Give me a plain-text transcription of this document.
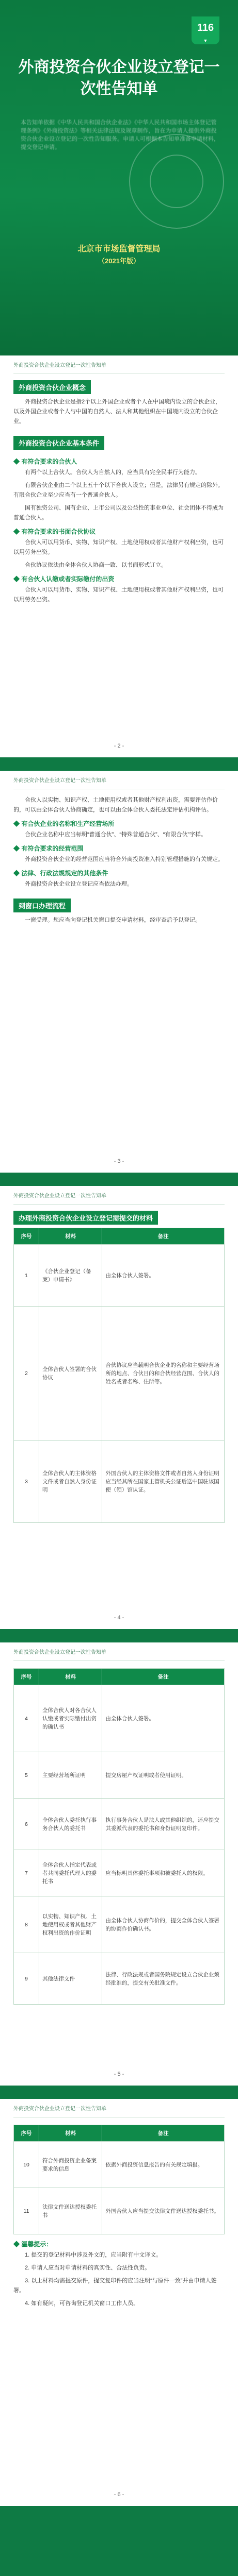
116
▼
外商投资合伙企业设立登记一次性告知单
本告知单依据《中华人民共和国合伙企业法》《中华人民共和国市场主体登记管理条例》《外商投资法》等相关法律法规及规章制作，旨在为申请人提供外商投资合伙企业设立登记的一次性告知服务。申请人可根据本告知单准备申请材料，提交登记申请。
北京市市场监督管理局
（2021年版）
外商投资合伙企业设立登记一次性告知单
外商投资合伙企业概念

外商投资合伙企业是指2个以上外国企业或者个人在中国境内设立的合伙企业，以及外国企业或者个人与中国的自然人、法人和其他组织在中国境内设立的合伙企业。

外商投资合伙企业基本条件
◆ 有符合要求的合伙人

有两个以上合伙人。合伙人为自然人的，应当具有完全民事行为能力。

有限合伙企业由二个以上五十个以下合伙人设立；但是，法律另有规定的除外。有限合伙企业至少应当有一个普通合伙人。

国有独资公司、国有企业、上市公司以及公益性的事业单位、社会团体不得成为普通合伙人。

◆ 有符合要求的书面合伙协议

合伙人可以用货币、实物、知识产权、土地使用权或者其他财产权利出资，也可以用劳务出资。

合伙协议依法由全体合伙人协商一致、以书面形式订立。

◆ 有合伙人认缴或者实际缴付的出资

合伙人可以用货币、实物、知识产权、土地使用权或者其他财产权利出资，也可以用劳务出资。

- 2 -
外商投资合伙企业设立登记一次性告知单

合伙人以实物、知识产权、土地使用权或者其他财产权利出资，需要评估作价的，可以由全体合伙人协商确定，也可以由全体合伙人委托法定评估机构评估。

◆ 有合伙企业的名称和生产经营场所

合伙企业名称中应当标明“普通合伙”、“特殊普通合伙”、“有限合伙”字样。

◆ 有符合要求的经营范围

外商投资合伙企业的经营范围应当符合外商投资准入特别管理措施的有关规定。

◆ 法律、行政法规规定的其他条件

外商投资合伙企业设立登记应当依法办理。

到窗口办理流程

一窗受理。您应当向登记机关窗口提交申请材料，经审查后予以登记。

- 3 -
外商投资合伙企业设立登记一次性告知单
办理外商投资合伙企业设立登记需提交的材料
序号	材料	备注
1	《合伙企业登记（备案）申请书》	由全体合伙人签署。
2	全体合伙人签署的合伙协议	合伙协议应当载明合伙企业的名称和主要经营场所的地点、合伙目的和合伙经营范围、合伙人的姓名或者名称、住所等。
3	全体合伙人的主体资格文件或者自然人身份证明	外国合伙人的主体资格文件或者自然人身份证明应当经其所在国家主管机关公证后送中国驻该国使（领）馆认证。
- 4 -
外商投资合伙企业设立登记一次性告知单
序号	材料	备注
4	全体合伙人对各合伙人认缴或者实际缴付出资的确认书	由全体合伙人签署。
5	主要经营场所证明	提交房屋产权证明或者使用证明。
6	全体合伙人委托执行事务合伙人的委托书	执行事务合伙人是法人或其他组织的，还应提交其委派代表的委托书和身份证明复印件。
7	全体合伙人指定代表或者共同委托代理人的委托书	应当标明具体委托事项和被委托人的权限。
8	以实物、知识产权、土地使用权或者其他财产权利出资的作价证明	由全体合伙人协商作价的，提交全体合伙人签署的协商作价确认书。
9	其他法律文件	法律、行政法规或者国务院规定设立合伙企业须经批准的，提交有关批准文件。
- 5 -
外商投资合伙企业设立登记一次性告知单
序号	材料	备注
10	符合外商投资企业备案要求的信息	依据外商投资信息报告的有关规定填报。
11	法律文件送达授权委托书	外国合伙人应当提交法律文件送达授权委托书。
◆ 温馨提示：

1. 提交的登记材料中涉及外文的，应当附有中文译文。

2. 申请人应当对申请材料的真实性、合法性负责。

3. 以上材料均需提交原件，提交复印件的应当注明“与原件一致”并由申请人签署。

4. 如有疑问，可咨询登记机关窗口工作人员。

- 6 -
